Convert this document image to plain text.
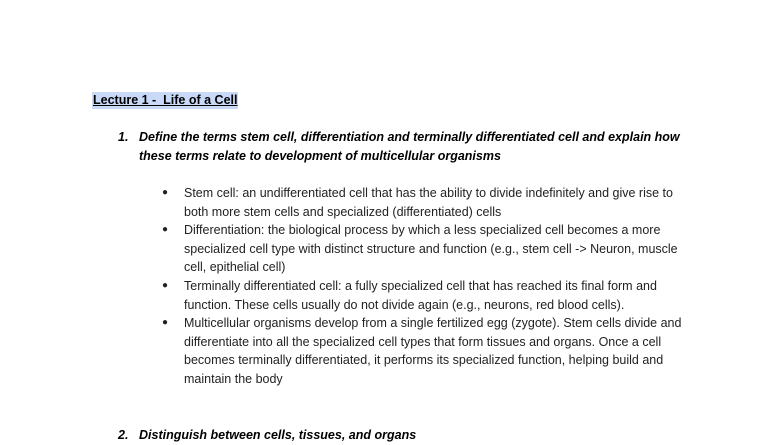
Lecture 1 -  Life of a Cell
1. Define the terms stem cell, differentiation and terminally differentiated cell and explain how these terms relate to development of multicellular organisms
● Stem cell: an undifferentiated cell that has the ability to divide indefinitely and give rise to both more stem cells and specialized (differentiated) cells
● Differentiation: the biological process by which a less specialized cell becomes a more specialized cell type with distinct structure and function (e.g., stem cell -> Neuron, muscle cell, epithelial cell)
● Terminally differentiated cell: a fully specialized cell that has reached its final form and function. These cells usually do not divide again (e.g., neurons, red blood cells).
● Multicellular organisms develop from a single fertilized egg (zygote). Stem cells divide and differentiate into all the specialized cell types that form tissues and organs. Once a cell becomes terminally differentiated, it performs its specialized function, helping build and maintain the body
2. Distinguish between cells, tissues, and organs
